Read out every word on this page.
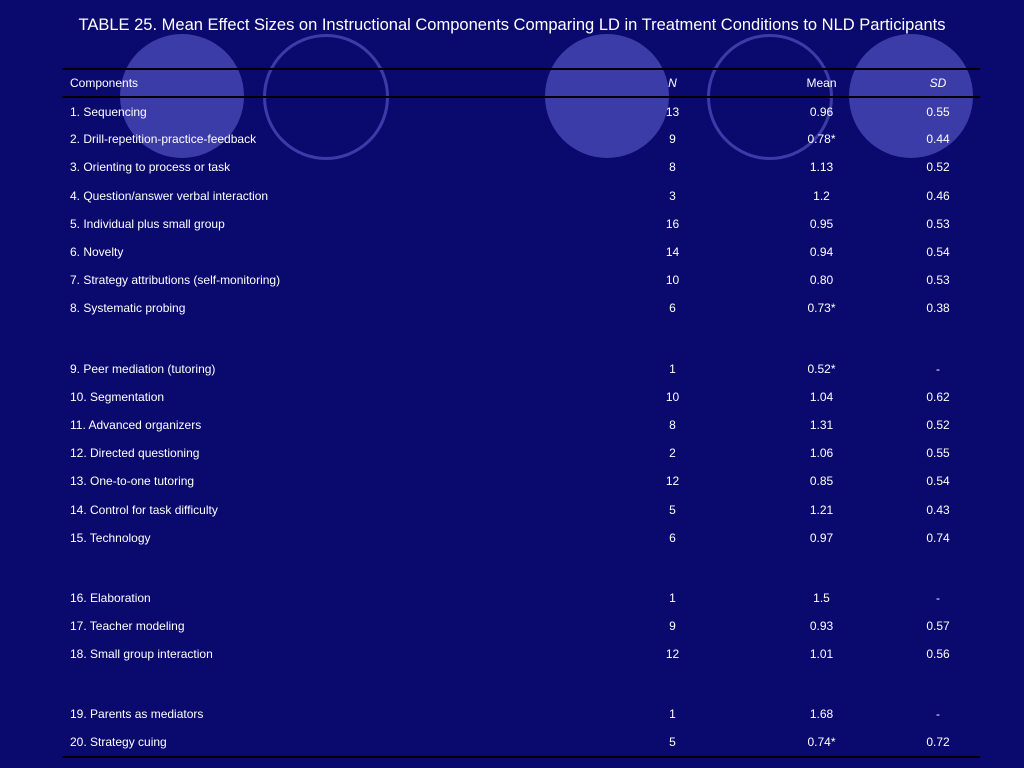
TABLE 25. Mean Effect Sizes on Instructional Components Comparing LD in Treatment Conditions to NLD Participants
Components	N	Mean	SD
1. Sequencing	13	0.96	0.55
2. Drill-repetition-practice-feedback	9	0.78*	0.44
3. Orienting to process or task	8	1.13	0.52
4. Question/answer verbal interaction	3	1.2	0.46
5. Individual plus small group	16	0.95	0.53
6. Novelty	14	0.94	0.54
7. Strategy attributions (self-monitoring)	10	0.80	0.53
8. Systematic probing	6	0.73*	0.38

9. Peer mediation (tutoring)	1	0.52*	-
10. Segmentation	10	1.04	0.62
11. Advanced organizers	8	1.31	0.52
12. Directed questioning	2	1.06	0.55
13. One-to-one tutoring	12	0.85	0.54
14. Control for task difficulty	5	1.21	0.43
15. Technology	6	0.97	0.74

16. Elaboration	1	1.5	-
17. Teacher modeling	9	0.93	0.57
18. Small group interaction	12	1.01	0.56

19. Parents as mediators	1	1.68	-
20. Strategy cuing	5	0.74*	0.72
